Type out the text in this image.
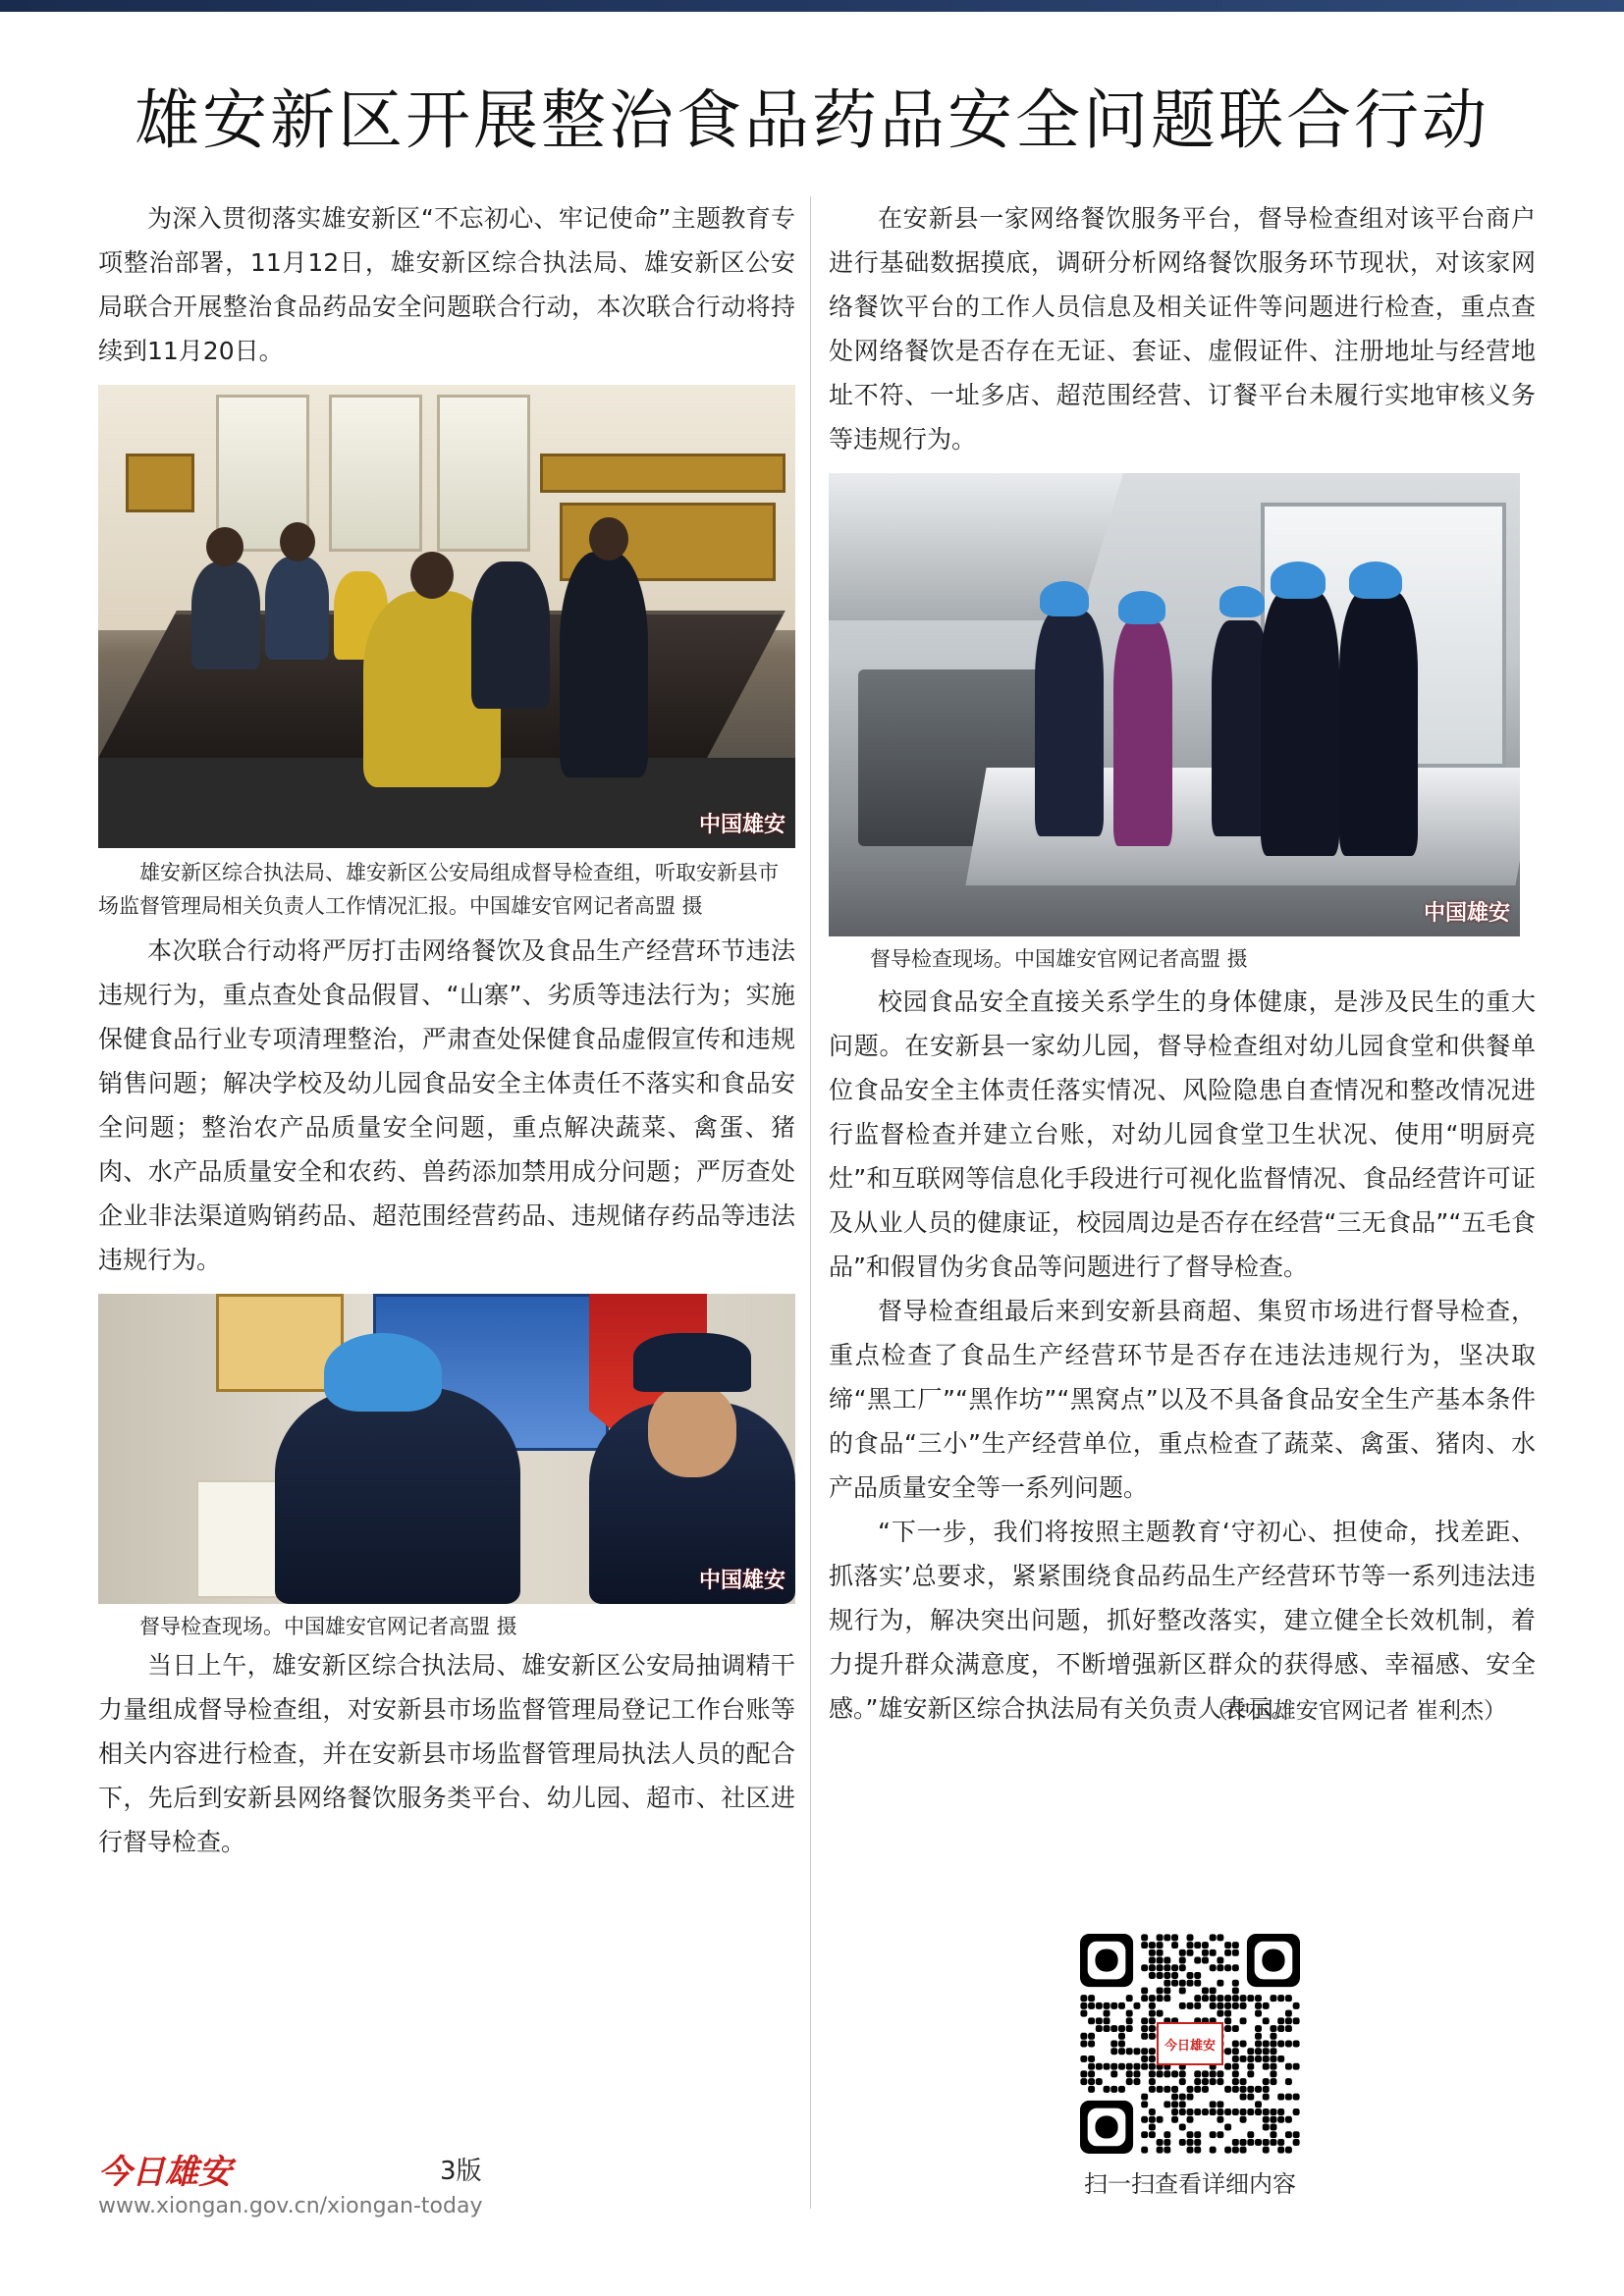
雄安新区开展整治食品药品安全问题联合行动

为深入贯彻落实雄安新区“不忘初心、牢记使命”主题教育专项整治部署，11月12日，雄安新区综合执法局、雄安新区公安局联合开展整治食品药品安全问题联合行动，本次联合行动将持续到11月20日。

中国雄安

雄安新区综合执法局、雄安新区公安局组成督导检查组，听取安新县市场监督管理局相关负责人工作情况汇报。中国雄安官网记者高盟 摄

本次联合行动将严厉打击网络餐饮及食品生产经营环节违法违规行为，重点查处食品假冒、“山寨”、劣质等违法行为；实施保健食品行业专项清理整治，严肃查处保健食品虚假宣传和违规销售问题；解决学校及幼儿园食品安全主体责任不落实和食品安全问题；整治农产品质量安全问题，重点解决蔬菜、禽蛋、猪肉、水产品质量安全和农药、兽药添加禁用成分问题；严厉查处企业非法渠道购销药品、超范围经营药品、违规储存药品等违法违规行为。

中国雄安

督导检查现场。中国雄安官网记者高盟 摄

当日上午，雄安新区综合执法局、雄安新区公安局抽调精干力量组成督导检查组，对安新县市场监督管理局登记工作台账等相关内容进行检查，并在安新县市场监督管理局执法人员的配合下，先后到安新县网络餐饮服务类平台、幼儿园、超市、社区进行督导检查。

在安新县一家网络餐饮服务平台，督导检查组对该平台商户进行基础数据摸底，调研分析网络餐饮服务环节现状，对该家网络餐饮平台的工作人员信息及相关证件等问题进行检查，重点查处网络餐饮是否存在无证、套证、虚假证件、注册地址与经营地址不符、一址多店、超范围经营、订餐平台未履行实地审核义务等违规行为。

中国雄安

督导检查现场。中国雄安官网记者高盟 摄

校园食品安全直接关系学生的身体健康，是涉及民生的重大问题。在安新县一家幼儿园，督导检查组对幼儿园食堂和供餐单位食品安全主体责任落实情况、风险隐患自查情况和整改情况进行监督检查并建立台账，对幼儿园食堂卫生状况、使用“明厨亮灶”和互联网等信息化手段进行可视化监督情况、食品经营许可证及从业人员的健康证，校园周边是否存在经营“三无食品”“五毛食品”和假冒伪劣食品等问题进行了督导检查。

督导检查组最后来到安新县商超、集贸市场进行督导检查，重点检查了食品生产经营环节是否存在违法违规行为，坚决取缔“黑工厂”“黑作坊”“黑窝点”以及不具备食品安全生产基本条件的食品“三小”生产经营单位，重点检查了蔬菜、禽蛋、猪肉、水产品质量安全等一系列问题。

“下一步，我们将按照主题教育‘守初心、担使命，找差距、抓落实’总要求，紧紧围绕食品药品生产经营环节等一系列违法违规行为，解决突出问题，抓好整改落实，建立健全长效机制，着力提升群众满意度，不断增强新区群众的获得感、幸福感、安全感。”雄安新区综合执法局有关负责人表示。

（中国雄安官网记者 崔利杰）

今日雄安
扫一扫查看详细内容
今日雄安	3版
www.xiongan.gov.cn/xiongan-today
